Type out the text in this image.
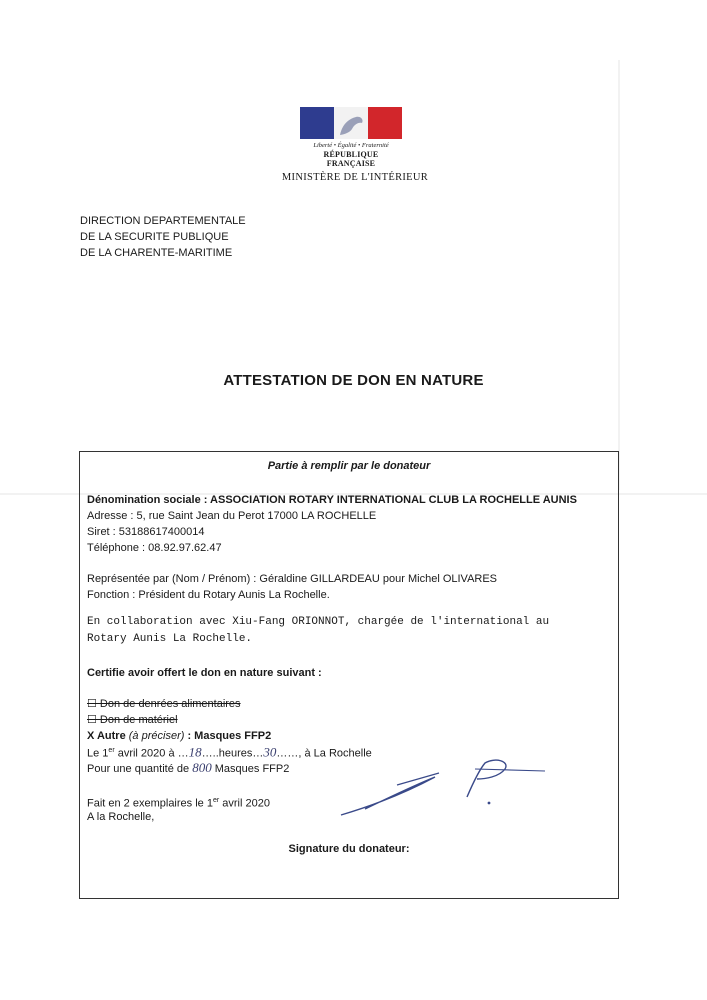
Liberté • Égalité • Fraternité
RÉPUBLIQUE FRANÇAISE
MINISTÈRE DE L'INTÉRIEUR
DIRECTION DEPARTEMENTALE
DE LA SECURITE PUBLIQUE
DE LA CHARENTE-MARITIME
ATTESTATION DE DON EN NATURE
Partie à remplir par le donateur
Dénomination sociale : ASSOCIATION ROTARY INTERNATIONAL CLUB LA ROCHELLE AUNIS
Adresse : 5, rue Saint Jean du Perot 17000 LA ROCHELLE
Siret : 53188617400014
Téléphone : 08.92.97.62.47
Représentée par (Nom / Prénom) : Géraldine GILLARDEAU pour Michel OLIVARES
Fonction : Président du Rotary Aunis La Rochelle.
En collaboration avec Xiu-Fang ORIONNOT, chargée de l'international au
Rotary Aunis La Rochelle.
Certifie avoir offert le don en nature suivant :
☐ Don de denrées alimentaires
☐ Don de matériel
X Autre (à préciser) : Masques FFP2
Le 1er avril 2020 à …18…..heures…30……, à La Rochelle
Pour une quantité de 800 Masques FFP2
Fait en 2 exemplaires le 1er avril 2020
A la Rochelle,
Signature du donateur:
